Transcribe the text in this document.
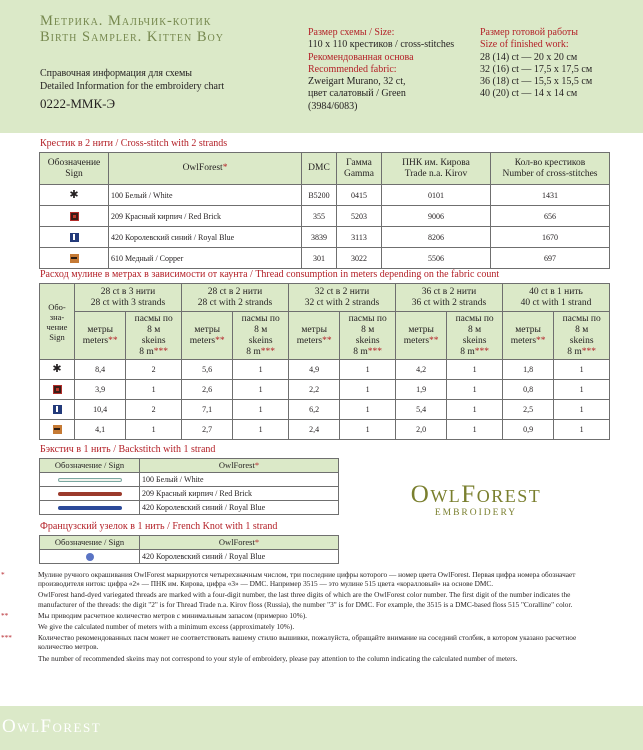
Метрика. Мальчик-котик
Birth Sampler. Kitten Boy
Справочная информация для схемы
Detailed Information for the embroidery chart
0222-ММК-Э
Размер схемы / Size:
110 х 110 крестиков / cross-stitches
Рекомендованная основа
Recommended fabric:
Zweigart Murano, 32 ct,
цвет салатовый / Green
(3984/6083)
Размер готовой работы
Size of finished work:
28 (14) ct — 20 х 20 см
32 (16) ct — 17,5 х 17,5 см
36 (18) ct — 15,5 х 15,5 см
40 (20) ct — 14 х 14 см
Крестик в 2 нити / Cross-stitch with 2 strands
Обозначение
Sign	OwlForest*	DMC	Гамма
Gamma	ПНК им. Кирова
Trade n.a. Kirov	Кол-во крестиков
Number of cross-stitches
✱	100 Белый / White	B5200	0415	0101	1431
	209 Красный кирпич / Red Brick	355	5203	9006	656
	420 Королевский синий / Royal Blue	3839	3113	8206	1670
	610 Медный / Copper	301	3022	5506	697
Расход мулине в метрах в зависимости от каунта / Thread consumption in meters depending on the fabric count
Обо-
зна-
чение
Sign	28 ct в 3 нити
28 ct with 3 strands		28 ct в 2 нити
28 ct with 2 strands		32 ct в 2 нити
32 ct with 2 strands		36 ct в 2 нити
36 ct with 2 strands		40 ct в 1 нить
40 ct with 1 strand	
	метры
meters**	пасмы по
8 м
skeins
8 m***	метры
meters**	пасмы по
8 м
skeins
8 m***	метры
meters**	пасмы по
8 м
skeins
8 m***	метры
meters**	пасмы по
8 м
skeins
8 m***	метры
meters**	пасмы по
8 м
skeins
8 m***
✱	8,4	2	5,6	1	4,9	1	4,2	1	1,8	1
	3,9	1	2,6	1	2,2	1	1,9	1	0,8	1
	10,4	2	7,1	1	6,2	1	5,4	1	2,5	1
	4,1	1	2,7	1	2,4	1	2,0	1	0,9	1
Бэкстич в 1 нить / Backstitch with 1 strand
Обозначение / Sign	OwlForest*
	100 Белый / White
	209 Красный кирпич / Red Brick
	420 Королевский синий / Royal Blue
Французский узелок в 1 нить / French Knot with 1 strand
Обозначение / Sign	OwlForest*
	420 Королевский синий / Royal Blue
OwlForest
EMBROIDERY
*	Мулине ручного окрашивания OwlForest маркируются четырехзначным числом, три последние цифры которого — номер цвета OwlForest. Первая цифра номера обозначает производителя ниток: цифра «2» — ПНК им. Кирова, цифра «3» — DMC. Например 3515 — это мулине 515 цвета «коралловый» на основе DMC.
OwlForest hand-dyed variegated threads are marked with a four-digit number, the last three digits of which are the OwlForest color number. The first digit of the number indicates the manufacturer of the threads: the digit "2" is for Thread Trade n.a. Kirov floss (Russia), the number "3" is for DMC. For example, the 3515 is a DMC-based floss 515 "Coralline" color.
**	Мы приводим расчетное количество метров с минимальным запасом (примерно 10%).
We give the calculated number of meters with a minimum excess (approximately 10%).
***	Количество рекомендованных пасм может не соответствовать вашему стилю вышивки, пожалуйста, обращайте внимание на соседний столбик, в котором указано расчетное количество метров.
The number of recommended skeins may not correspond to your style of embroidery, please pay attention to the column indicating the calculated number of meters.
OwlForest
